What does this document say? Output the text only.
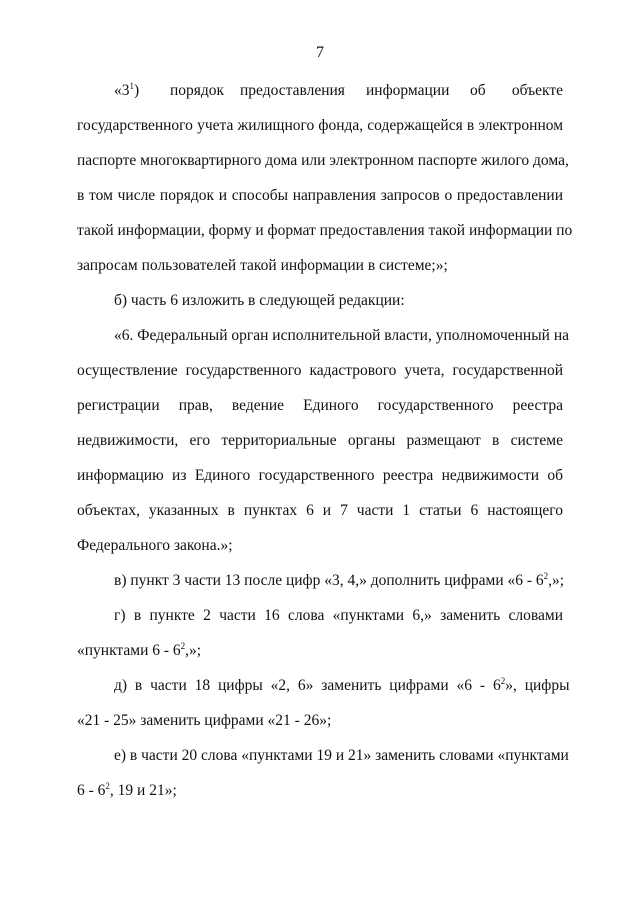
7
«$3^1$) порядок предоставления информации об объекте
государственного учета жилищного фонда, содержащейся в электронном
паспорте многоквартирного дома или электронном паспорте жилого дома,
в том числе порядок и способы направления запросов о предоставлении
такой информации, форму и формат предоставления такой информации по
запросам пользователей такой информации в системе;»;
б) часть 6 изложить в следующей редакции:
«6. Федеральный орган исполнительной власти, уполномоченный на
осуществление государственного кадастрового учета, государственной
регистрации прав, ведение Единого государственного реестра
недвижимости, его территориальные органы размещают в системе
информацию из Единого государственного реестра недвижимости об
объектах, указанных в пунктах 6 и 7 части 1 статьи 6 настоящего
Федерального закона.»;
в) пункт 3 части 13 после цифр «3, 4,» дополнить цифрами «$6 - 6^2$,»;
г) в пункте 2 части 16 слова «пунктами 6,» заменить словами
«пунктами $6 - 6^2$,»;
д) в части 18 цифры «2, 6» заменить цифрами «$6 - 6^2$», цифры
«21 - 25» заменить цифрами «21 - 26»;
е) в части 20 слова «пунктами 19 и 21» заменить словами «пунктами
$6 - 6^2$, 19 и 21»;
